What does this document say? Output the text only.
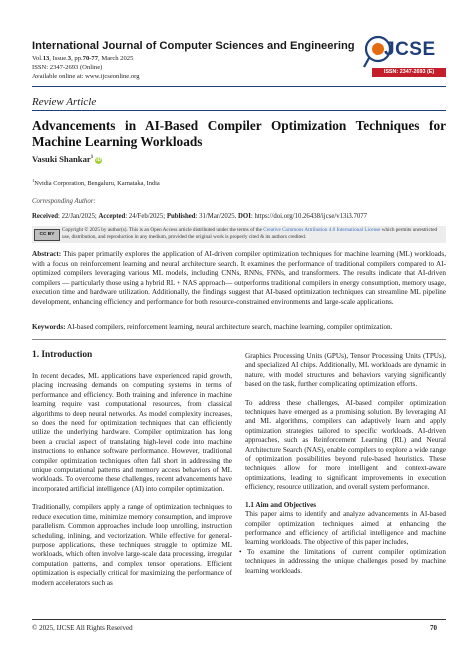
International Journal of Computer Sciences and Engineering
Vol.13, Issue.3, pp.70-77, March 2025
ISSN: 2347-2693 (Online)
Available online at: www.ijcseonline.org
JCSE
ISSN: 2347-2693 (E)
Review Article
Advancements in AI-Based Compiler Optimization Techniques for Machine Learning Workloads
Vasuki Shankar$^1$ iD
$^1$Nvidia Corporation, Bengaluru, Karnataka, India
Corresponding Author:
Received: 22/Jan/2025; Accepted: 24/Feb/2025; Published: 31/Mar/2025. DOI: https://doi.org/10.26438/ijcse/v13i3.7077
CC BY
Copyright © 2025 by author(s). This is an Open Access article distributed under the terms of the Creative Commons Attribution 4.0 International License which permits unrestricted use, distribution, and reproduction in any medium, provided the original work is properly cited & its authors credited.
Abstract: This paper primarily explores the application of AI-driven compiler optimization techniques for machine learning (ML) workloads, with a focus on reinforcement learning and neural architecture search. It examines the performance of traditional compilers compared to AI-optimized compilers leveraging various ML models, including CNNs, RNNs, FNNs, and transformers. The results indicate that AI-driven compilers — particularly those using a hybrid RL + NAS approach— outperforms traditional compilers in energy consumption, memory usage, execution time and hardware utilization. Additionally, the findings suggest that AI-based optimization techniques can streamline ML pipeline development, enhancing efficiency and performance for both resource-constrained environments and large-scale applications.
Keywords: AI-based compilers, reinforcement learning, neural architecture search, machine learning, compiler optimization.
1. Introduction

In recent decades, ML applications have experienced rapid growth, placing increasing demands on computing systems in terms of performance and efficiency. Both training and inference in machine learning require vast computational resources, from classical algorithms to deep neural networks. As model complexity increases, so does the need for optimization techniques that can efficiently utilize the underlying hardware. Compiler optimization has long been a crucial aspect of translating high-level code into machine instructions to enhance software performance. However, traditional compiler optimization techniques often fall short in addressing the unique computational patterns and memory access behaviors of ML workloads. To overcome these challenges, recent advancements have incorporated artificial intelligence (AI) into compiler optimization.

Traditionally, compilers apply a range of optimization techniques to reduce execution time, minimize memory consumption, and improve parallelism. Common approaches include loop unrolling, instruction scheduling, inlining, and vectorization. While effective for general-purpose applications, these techniques struggle to optimize ML workloads, which often involve large-scale data processing, irregular computation patterns, and complex tensor operations. Efficient optimization is especially critical for maximizing the performance of modern accelerators such as

Graphics Processing Units (GPUs), Tensor Processing Units (TPUs), and specialized AI chips. Additionally, ML workloads are dynamic in nature, with model structures and behaviors varying significantly based on the task, further complicating optimization efforts.

To address these challenges, AI-based compiler optimization techniques have emerged as a promising solution. By leveraging AI and ML algorithms, compilers can adaptively learn and apply optimization strategies tailored to specific workloads. AI-driven approaches, such as Reinforcement Learning (RL) and Neural Architecture Search (NAS), enable compilers to explore a wide range of optimization possibilities beyond rule-based heuristics. These techniques allow for more intelligent and context-aware optimizations, leading to significant improvements in execution efficiency, resource utilization, and overall system performance.

1.1 Aim and Objectives

This paper aims to identify and analyze advancements in AI-based compiler optimization techniques aimed at enhancing the performance and efficiency of artificial intelligence and machine learning workloads. The objective of this paper includes,

• To examine the limitations of current compiler optimization techniques in addressing the unique challenges posed by machine learning workloads.

© 2025, IJCSE All Rights Reserved	70
